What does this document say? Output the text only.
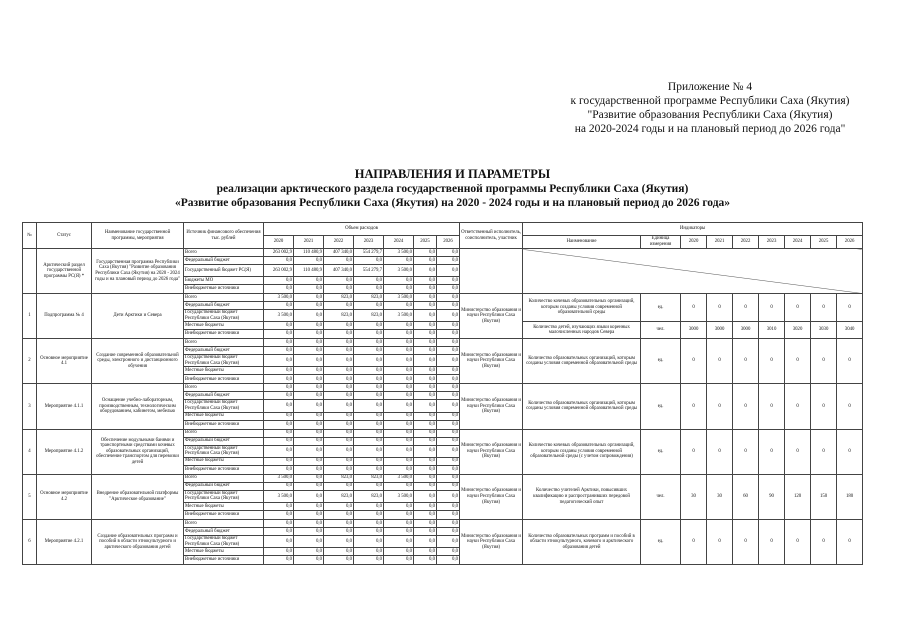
Приложение № 4
к государственной программе Республики Саха (Якутия)
"Развитие образования Республики Саха (Якутия)
на 2020-2024 годы и на плановый период до 2026 года"
НАПРАВЛЕНИЯ И ПАРАМЕТРЫ
реализации арктического раздела государственной программы Республики Саха (Якутия)
«Развитие образования Республики Саха (Якутия) на 2020 - 2024 годы и на плановый период до 2026 года»
№	Статус	Наименование государственной программы, мероприятия	Источник финансового обеспечения тыс. рублей	Объем расходов							Ответственный исполнитель, соисполнитель, участник	Индикаторы								
				2020	2021	2022	2023	2024	2025	2026		Наименование	Единица измерения	2020	2021	2022	2023	2024	2025	2026
	Арктический раздел государственной программы РС(Я) *	Государственная программа Республики Саха (Якутия) "Развитие образования Республики Саха (Якутия) на 2020 - 2024 годы и на плановый период до 2026 года"	Всего	263 002,9	110 480,9	407 340,0	554 279,7	3 500,0	0,0	0,0										
			Федеральный бюджет	0,0	0,0	0,0	0,0	0,0	0,0	0,0										
			Государственный бюджет РС(Я)	263 002,9	110 480,9	407 340,0	554 279,7	3 500,0	0,0	0,0										
			Бюджеты МО	0,0	0,0	0,0	0,0	0,0	0,0	0,0										
			Внебюджетные источники	0,0	0,0	0,0	0,0	0,0	0,0	0,0										
1	Подпрограмма № 4	Дети Арктики и Севера	Всего	3 500,0	0,0	823,0	823,0	3 500,0	0,0	0,0	Министерство образования и науки Республики Саха (Якутия)	Количество кочевых образовательных организаций, которым созданы условия современной образовательной среды	ед.	0	0	0	0	0	0	0
			Федеральный бюджет	0,0	0,0	0,0	0,0	0,0	0,0	0,0										
			Государственный бюджет Республики Саха (Якутия)	3 500,0	0,0	823,0	823,0	3 500,0	0,0	0,0										
			Местные бюджеты	0,0	0,0	0,0	0,0	0,0	0,0	0,0		Количество детей, изучающих языки коренных малочисленных народов Севера	чел.	3000	3000	3000	3010	3020	3030	3040
			Внебюджетные источники	0,0	0,0	0,0	0,0	0,0	0,0	0,0										
2	Основное мероприятие 4.1	Создание современной образовательной среды, электронного и дистанционного обучения	Всего	0,0	0,0	0,0	0,0	0,0	0,0	0,0	Министерство образования и науки Республики Саха (Якутия)	Количество образовательных организаций, которым созданы условия современной образовательной среды	ед.	0	0	0	0	0	0	0
			Федеральный бюджет	0,0	0,0	0,0	0,0	0,0	0,0	0,0										
			Государственный бюджет Республики Саха (Якутия)	0,0	0,0	0,0	0,0	0,0	0,0	0,0										
			Местные бюджеты	0,0	0,0	0,0	0,0	0,0	0,0	0,0										
			Внебюджетные источники	0,0	0,0	0,0	0,0	0,0	0,0	0,0										
3	Мероприятие 4.1.1	Оснащение учебно-лабораторным, производственным, технологическим оборудованием, кабинетом, мебелью	Всего	0,0	0,0	0,0	0,0	0,0	0,0	0,0	Министерство образования и науки Республики Саха (Якутия)	Количество образовательных организаций, которым созданы условия современной образовательной среды	ед.	0	0	0	0	0	0	0
			Федеральный бюджет	0,0	0,0	0,0	0,0	0,0	0,0	0,0										
			Государственный бюджет Республики Саха (Якутия)	0,0	0,0	0,0	0,0	0,0	0,0	0,0										
			Местные бюджеты	0,0	0,0	0,0	0,0	0,0	0,0	0,0										
			Внебюджетные источники	0,0	0,0	0,0	0,0	0,0	0,0	0,0										
4	Мероприятие 4.1.2	Обеспечение модульными банями и транспортными средствами кочевых образовательных организаций, обеспечение транспортом для перевозки детей	Всего	0,0	0,0	0,0	0,0	0,0	0,0	0,0	Министерство образования и науки Республики Саха (Якутия)	Количество кочевых образовательных организаций, которым созданы условия современной образовательной среды (с учетом сопровождения)	ед.	0	0	0	0	0	0	0
			Федеральный бюджет	0,0	0,0	0,0	0,0	0,0	0,0	0,0										
			Государственный бюджет Республики Саха (Якутия)	0,0	0,0	0,0	0,0	0,0	0,0	0,0										
			Местные бюджеты	0,0	0,0	0,0	0,0	0,0	0,0	0,0										
			Внебюджетные источники	0,0	0,0	0,0	0,0	0,0	0,0	0,0										
5	Основное мероприятие 4.2	Внедрение образовательной платформы "Арктическое образование"	Всего	3 500,0	0,0	823,0	823,0	3 500,0	0,0	0,0	Министерство образования и науки Республики Саха (Якутия)	Количество учителей Арктики, повысивших квалификацию и распространивших передовой педагогический опыт	чел.	30	30	60	90	120	150	180
			Федеральный бюджет	0,0	0,0	0,0	0,0	0,0	0,0	0,0										
			Государственный бюджет Республики Саха (Якутия)	3 500,0	0,0	823,0	823,0	3 500,0	0,0	0,0										
			Местные бюджеты	0,0	0,0	0,0	0,0	0,0	0,0	0,0										
			Внебюджетные источники	0,0	0,0	0,0	0,0	0,0	0,0	0,0										
6	Мероприятие 4.2.1	Создание образовательных программ и пособий в области этнокультурного и арктического образования детей	Всего	0,0	0,0	0,0	0,0	0,0	0,0	0,0	Министерство образования и науки Республики Саха (Якутия)	Количество образовательных программ и пособий в области этнокультурного, кочевого и арктического образования детей	ед.	0	0	0	0	0	0	0
			Федеральный бюджет	0,0	0,0	0,0	0,0	0,0	0,0	0,0										
			Государственный бюджет Республики Саха (Якутия)	0,0	0,0	0,0	0,0	0,0	0,0	0,0										
			Местные бюджеты	0,0	0,0	0,0	0,0	0,0	0,0	0,0										
			Внебюджетные источники	0,0	0,0	0,0	0,0	0,0	0,0	0,0										
